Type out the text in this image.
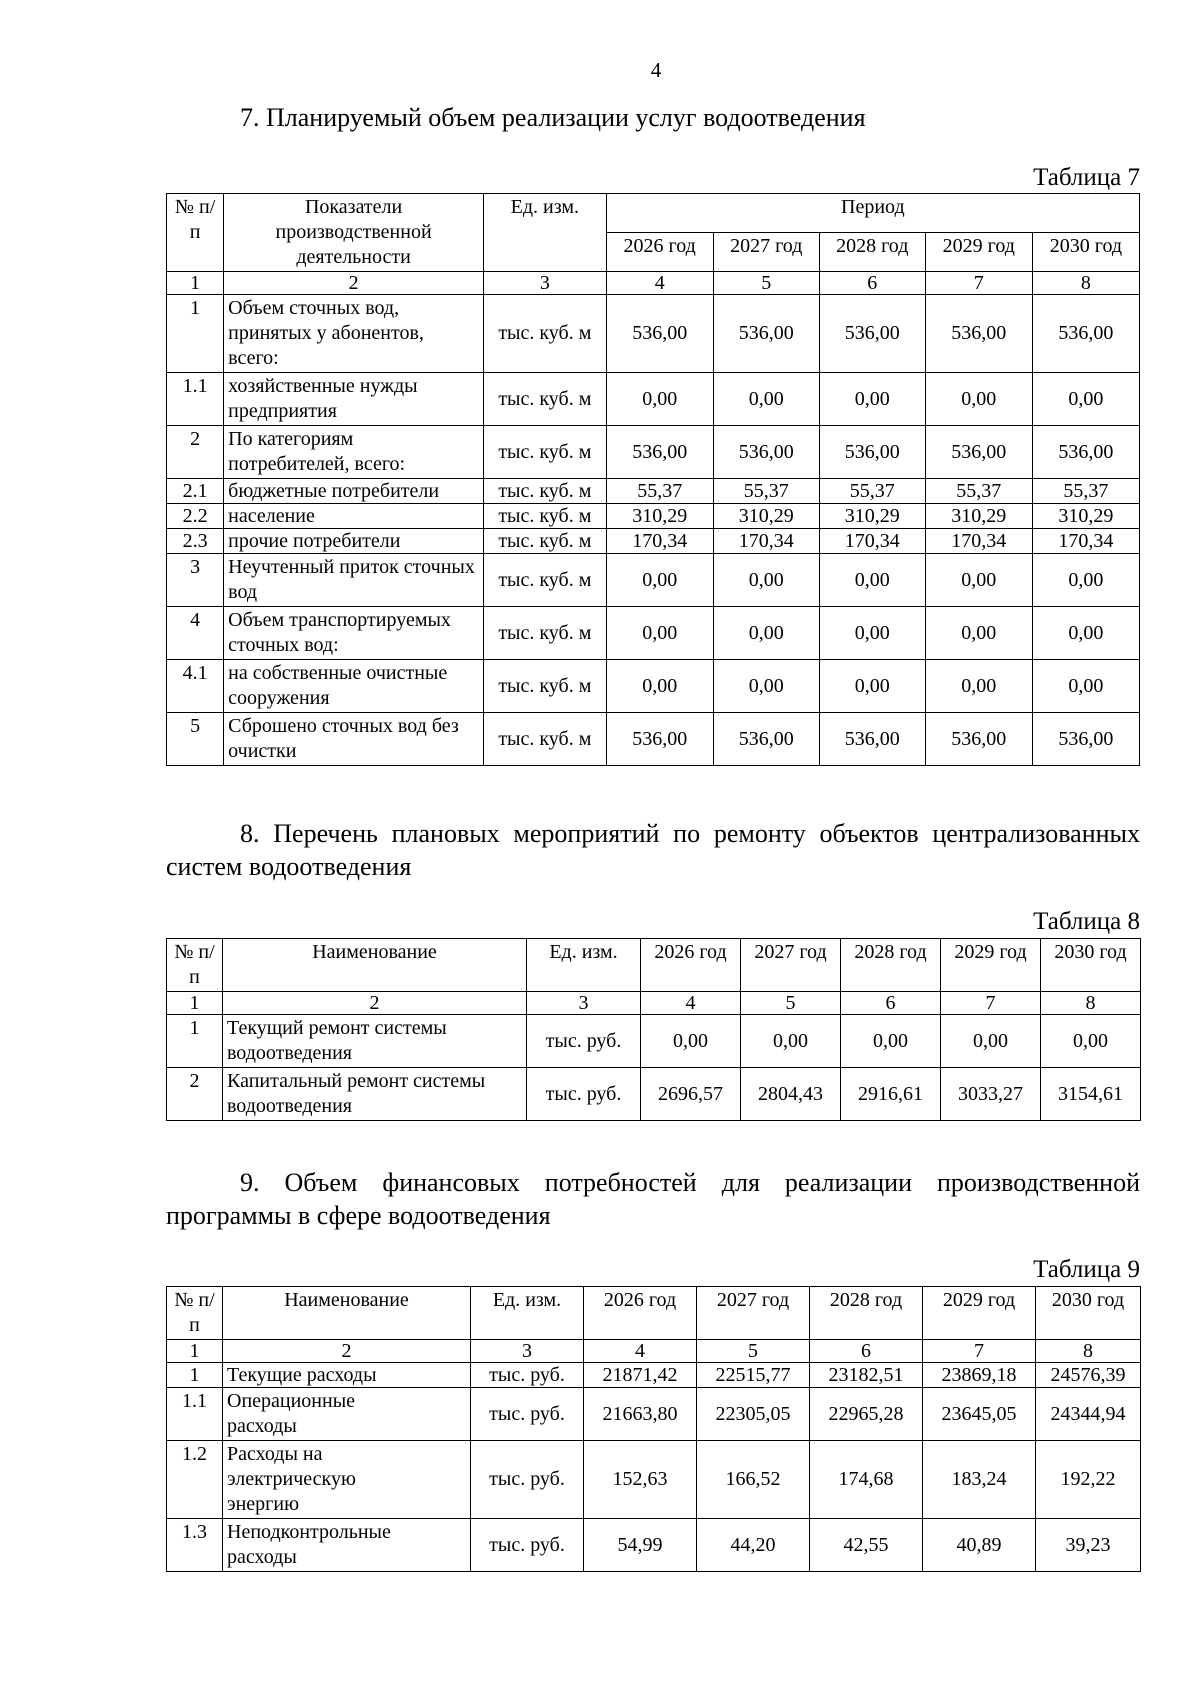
4
7. Планируемый объем реализации услуг водоотведения
Таблица 7
№ п/п	Показатели производственной деятельности	Ед. изм.	Период				
			2026 год	2027 год	2028 год	2029 год	2030 год
1	2	3	4	5	6	7	8
1	Объем сточных вод, принятых у абонентов, всего:	тыс. куб. м	536,00	536,00	536,00	536,00	536,00
1.1	хозяйственные нужды предприятия	тыс. куб. м	0,00	0,00	0,00	0,00	0,00
2	По категориям потребителей, всего:	тыс. куб. м	536,00	536,00	536,00	536,00	536,00
2.1	бюджетные потребители	тыс. куб. м	55,37	55,37	55,37	55,37	55,37
2.2	население	тыс. куб. м	310,29	310,29	310,29	310,29	310,29
2.3	прочие потребители	тыс. куб. м	170,34	170,34	170,34	170,34	170,34
3	Неучтенный приток сточных вод	тыс. куб. м	0,00	0,00	0,00	0,00	0,00
4	Объем транспортируемых сточных вод:	тыс. куб. м	0,00	0,00	0,00	0,00	0,00
4.1	на собственные очистные сооружения	тыс. куб. м	0,00	0,00	0,00	0,00	0,00
5	Сброшено сточных вод без очистки	тыс. куб. м	536,00	536,00	536,00	536,00	536,00
8. Перечень плановых мероприятий по ремонту объектов централизованных систем водоотведения
Таблица 8
№ п/п	Наименование	Ед. изм.	2026 год	2027 год	2028 год	2029 год	2030 год
1	2	3	4	5	6	7	8
1	Текущий ремонт системы водоотведения	тыс. руб.	0,00	0,00	0,00	0,00	0,00
2	Капитальный ремонт системы водоотведения	тыс. руб.	2696,57	2804,43	2916,61	3033,27	3154,61
9. Объем финансовых потребностей для реализации производственной программы в сфере водоотведения
Таблица 9
№ п/п	Наименование	Ед. изм.	2026 год	2027 год	2028 год	2029 год	2030 год
1	2	3	4	5	6	7	8
1	Текущие расходы	тыс. руб.	21871,42	22515,77	23182,51	23869,18	24576,39
1.1	Операционные расходы	тыс. руб.	21663,80	22305,05	22965,28	23645,05	24344,94
1.2	Расходы на электрическую энергию	тыс. руб.	152,63	166,52	174,68	183,24	192,22
1.3	Неподконтрольные расходы	тыс. руб.	54,99	44,20	42,55	40,89	39,23
